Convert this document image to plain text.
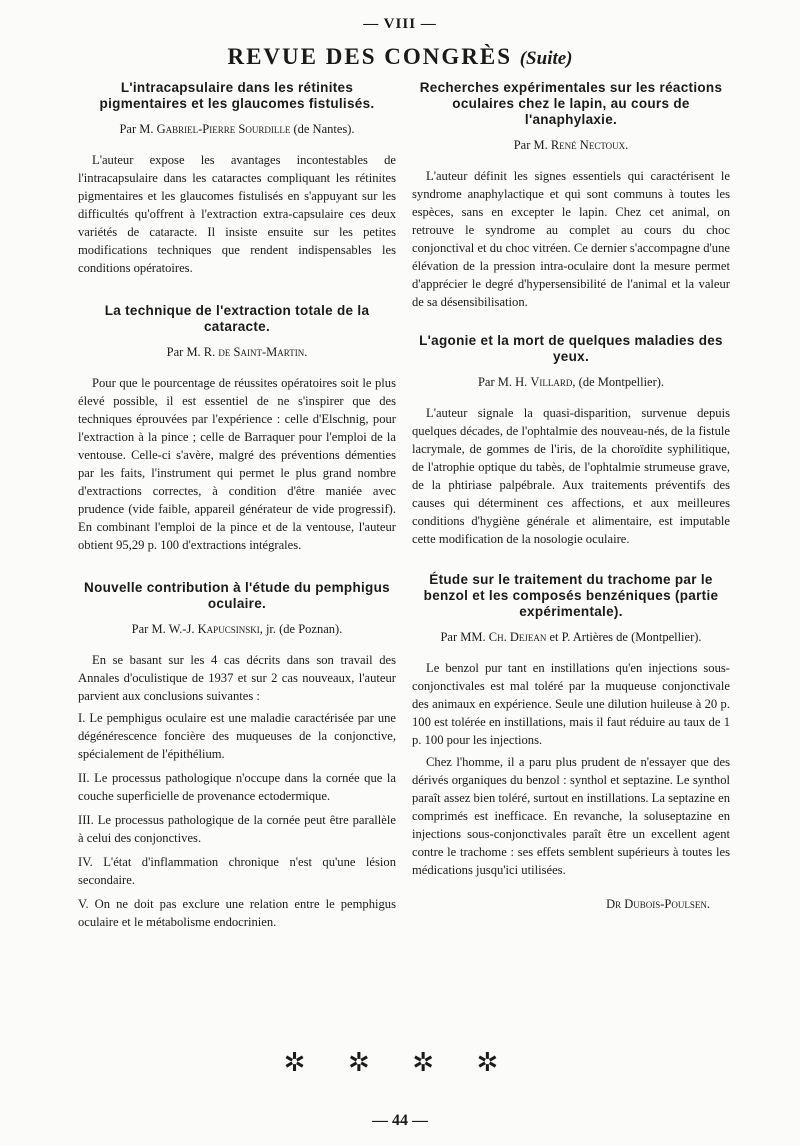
— VIII —
REVUE DES CONGRÈS (Suite)
L'intracapsulaire dans les rétinites pigmentaires et les glaucomes fistulisés.
Par M. Gabriel-Pierre Sourdille (de Nantes).

L'auteur expose les avantages incontestables de l'intracapsulaire dans les cataractes compliquant les rétinites pigmentaires et les glaucomes fistulisés en s'appuyant sur les difficultés qu'offrent à l'extraction extra-capsulaire ces deux variétés de cataracte. Il insiste ensuite sur les petites modifications techniques que rendent indispensables les conditions opératoires.

La technique de l'extraction totale de la cataracte.
Par M. R. de Saint-Martin.

Pour que le pourcentage de réussites opératoires soit le plus élevé possible, il est essentiel de ne s'inspirer que des techniques éprouvées par l'expérience : celle d'Elschnig, pour l'extraction à la pince ; celle de Barraquer pour l'emploi de la ventouse. Celle-ci s'avère, malgré des préventions démenties par les faits, l'instrument qui permet le plus grand nombre d'extractions correctes, à condition d'être maniée avec prudence (vide faible, appareil générateur de vide progressif). En combinant l'emploi de la pince et de la ventouse, l'auteur obtient 95,29 p. 100 d'extractions intégrales.

Nouvelle contribution à l'étude du pemphigus oculaire.
Par M. W.-J. Kapucsinski, jr. (de Poznan).

En se basant sur les 4 cas décrits dans son travail des Annales d'oculistique de 1937 et sur 2 cas nouveaux, l'auteur parvient aux conclusions suivantes :

I. Le pemphigus oculaire est une maladie caractérisée par une dégénérescence foncière des muqueuses de la conjonctive, spécialement de l'épithélium.

II. Le processus pathologique n'occupe dans la cornée que la couche superficielle de provenance ectodermique.

III. Le processus pathologique de la cornée peut être parallèle à celui des conjonctives.

IV. L'état d'inflammation chronique n'est qu'une lésion secondaire.

V. On ne doit pas exclure une relation entre le pemphigus oculaire et le métabolisme endocrinien.

Recherches expérimentales sur les réactions oculaires chez le lapin, au cours de l'anaphylaxie.
Par M. René Nectoux.

L'auteur définit les signes essentiels qui caractérisent le syndrome anaphylactique et qui sont communs à toutes les espèces, sans en excepter le lapin. Chez cet animal, on retrouve le syndrome au complet au cours du choc conjonctival et du choc vitréen. Ce dernier s'accompagne d'une élévation de la pression intra-oculaire dont la mesure permet d'apprécier le degré d'hypersensibilité de l'animal et la valeur de sa désensibilisation.

L'agonie et la mort de quelques maladies des yeux.
Par M. H. Villard, (de Montpellier).

L'auteur signale la quasi-disparition, survenue depuis quelques décades, de l'ophtalmie des nouveau-nés, de la fistule lacrymale, de gommes de l'iris, de la choroïdite syphilitique, de l'atrophie optique du tabès, de l'ophtalmie strumeuse grave, de la phtiriase palpébrale. Aux traitements préventifs des causes qui déterminent ces affections, et aux meilleures conditions d'hygiène générale et alimentaire, est imputable cette modification de la nosologie oculaire.

Étude sur le traitement du trachome par le benzol et les composés benzéniques (partie expérimentale).
Par MM. Ch. Dejean et P. Artières de (Montpellier).

Le benzol pur tant en instillations qu'en injections sous-conjonctivales est mal toléré par la muqueuse conjonctivale des animaux en expérience. Seule une dilution huileuse à 20 p. 100 est tolérée en instillations, mais il faut réduire au taux de 1 p. 100 pour les injections.

Chez l'homme, il a paru plus prudent de n'essayer que des dérivés organiques du benzol : synthol et septazine. Le synthol paraît assez bien toléré, surtout en instillations. La septazine en comprimés est inefficace. En revanche, la soluseptazine en injections sous-conjonctivales paraît être un excellent agent contre le trachome : ses effets semblent supérieurs à toutes les médications jusqu'ici utilisées.

Dr Dubois-Poulsen.
✲ ✲ ✲ ✲
— 44 —
